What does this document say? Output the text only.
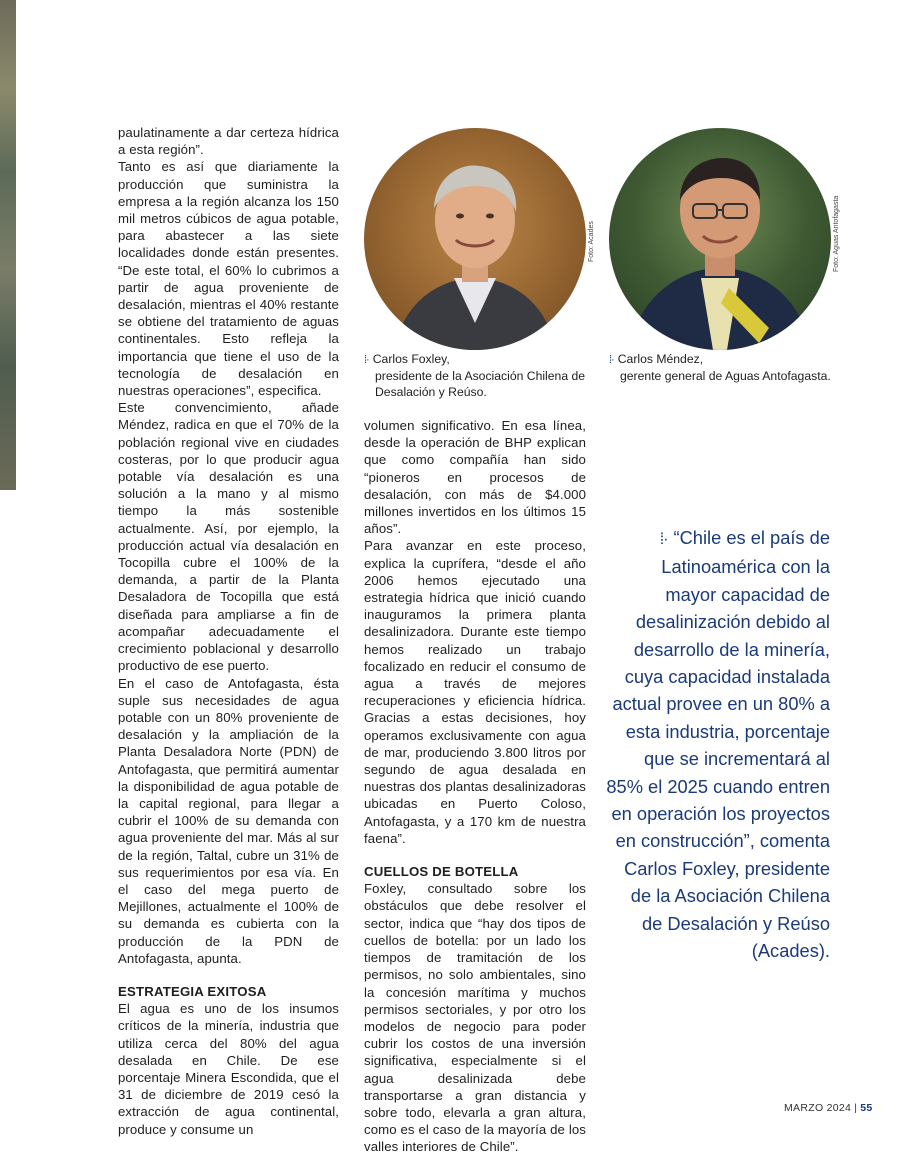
paulatinamente a dar certeza hídrica a esta región”.

Tanto es así que diariamente la producción que suministra la empresa a la región alcanza los 150 mil metros cúbicos de agua potable, para abastecer a las siete localidades donde están presentes. “De este total, el 60% lo cubrimos a partir de agua proveniente de desalación, mientras el 40% restante se obtiene del tratamiento de aguas continentales. Esto refleja la importancia que tiene el uso de la tecnología de desalación en nuestras operaciones”, especifica.

Este convencimiento, añade Méndez, radica en que el 70% de la población regional vive en ciudades costeras, por lo que producir agua potable vía desalación es una solución a la mano y al mismo tiempo la más sostenible actualmente. Así, por ejemplo, la producción actual vía desalación en Tocopilla cubre el 100% de la demanda, a partir de la Planta Desaladora de Tocopilla que está diseñada para ampliarse a fin de acompañar adecuadamente el crecimiento poblacional y desarrollo productivo de ese puerto.

En el caso de Antofagasta, ésta suple sus necesidades de agua potable con un 80% proveniente de desalación y la ampliación de la Planta Desaladora Norte (PDN) de Antofagasta, que permitirá aumentar la disponibilidad de agua potable de la capital regional, para llegar a cubrir el 100% de su demanda con agua proveniente del mar. Más al sur de la región, Taltal, cubre un 31% de sus requerimientos por esa vía. En el caso del mega puerto de Mejillones, actualmente el 100% de su demanda es cubierta con la producción de la PDN de Antofagasta, apunta.

ESTRATEGIA EXITOSA

El agua es uno de los insumos críticos de la minería, industria que utiliza cerca del 80% del agua desalada en Chile. De ese porcentaje Minera Escondida, que el 31 de diciembre de 2019 cesó la extracción de agua continental, produce y consume un

Foto: Acades	Foto: Aguas Antofagasta
⁞· Carlos Foxley,
presidente de la Asociación Chilena de Desalación y Reúso.
⁞· Carlos Méndez,
gerente general de Aguas Antofagasta.

volumen significativo. En esa línea, desde la operación de BHP explican que como compañía han sido “pioneros en procesos de desalación, con más de $4.000 millones invertidos en los últimos 15 años”.

Para avanzar en este proceso, explica la cuprífera, “desde el año 2006 hemos ejecutado una estrategia hídrica que inició cuando inauguramos la primera planta desalinizadora. Durante este tiempo hemos realizado un trabajo focalizado en reducir el consumo de agua a través de mejores recuperaciones y eficiencia hídrica. Gracias a estas decisiones, hoy operamos exclusivamente con agua de mar, produciendo 3.800 litros por segundo de agua desalada en nuestras dos plantas desalinizadoras ubicadas en Puerto Coloso, Antofagasta, y a 170 km de nuestra faena”.

CUELLOS DE BOTELLA

Foxley, consultado sobre los obstáculos que debe resolver el sector, indica que “hay dos tipos de cuellos de botella: por un lado los tiempos de tramitación de los permisos, no solo ambientales, sino la concesión marítima y muchos permisos sectoriales, y por otro los modelos de negocio para poder cubrir los costos de una inversión significativa, especialmente si el agua desalinizada debe transportarse a gran distancia y sobre todo, elevarla a gran altura, como es el caso de la mayoría de los valles interiores de Chile”.

⁞· “Chile es el país de Latinoamérica con la mayor capacidad de desalinización debido al desarrollo de la minería, cuya capacidad instalada actual provee en un 80% a esta industria, porcentaje que se incrementará al 85% el 2025 cuando entren en operación los proyectos en construcción”, comenta Carlos Foxley, presidente de la Asociación Chilena de Desalación y Reúso (Acades).
MARZO 2024 | 55
